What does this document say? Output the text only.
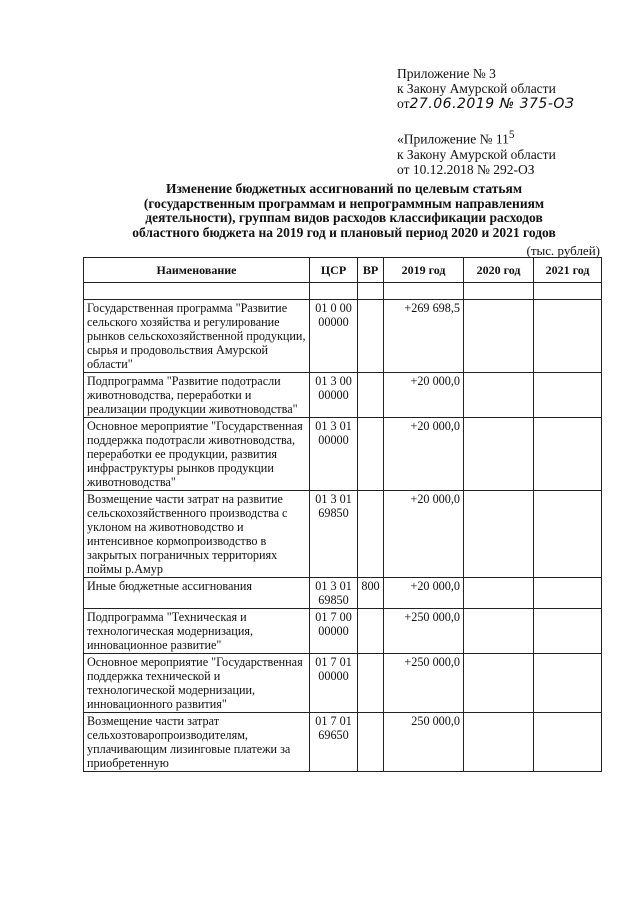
Приложение № 3
к Закону Амурской области
от27.06.2019 № 375-ОЗ
«Приложение № $11^5$
к Закону Амурской области
от 10.12.2018 № 292-ОЗ
Изменение бюджетных ассигнований по целевым статьям
(государственным программам и непрограммным направлениям
деятельности), группам видов расходов классификации расходов
областного бюджета на 2019 год и плановый период 2020 и 2021 годов
(тыс. рублей)
Наименование	ЦСР	ВР	2019 год	2020 год	2021 год

Государственная программа "Развитие сельского хозяйства и регулирование рынков сельскохозяйственной продукции, сырья и продовольствия Амурской области"	01 0 00 00000		+269 698,5		
Подпрограмма "Развитие подотрасли животноводства, переработки и реализации продукции животноводства"	01 3 00 00000		+20 000,0		
Основное мероприятие "Государственная поддержка подотрасли животноводства, переработки ее продукции, развития инфраструктуры рынков продукции животноводства"	01 3 01 00000		+20 000,0		
Возмещение части затрат на развитие сельскохозяйственного производства с уклоном на животноводство и интенсивное кормопроизводство в закрытых пограничных территориях поймы р.Амур	01 3 01 69850		+20 000,0		
Иные бюджетные ассигнования	01 3 01 69850	800	+20 000,0		
Подпрограмма "Техническая и технологическая модернизация, инновационное развитие"	01 7 00 00000		+250 000,0		
Основное мероприятие "Государственная поддержка технической и технологической модернизации, инновационного развития"	01 7 01 00000		+250 000,0		
Возмещение части затрат сельхозтоваропроизводителям, уплачивающим лизинговые платежи за приобретенную	01 7 01 69650		250 000,0		
